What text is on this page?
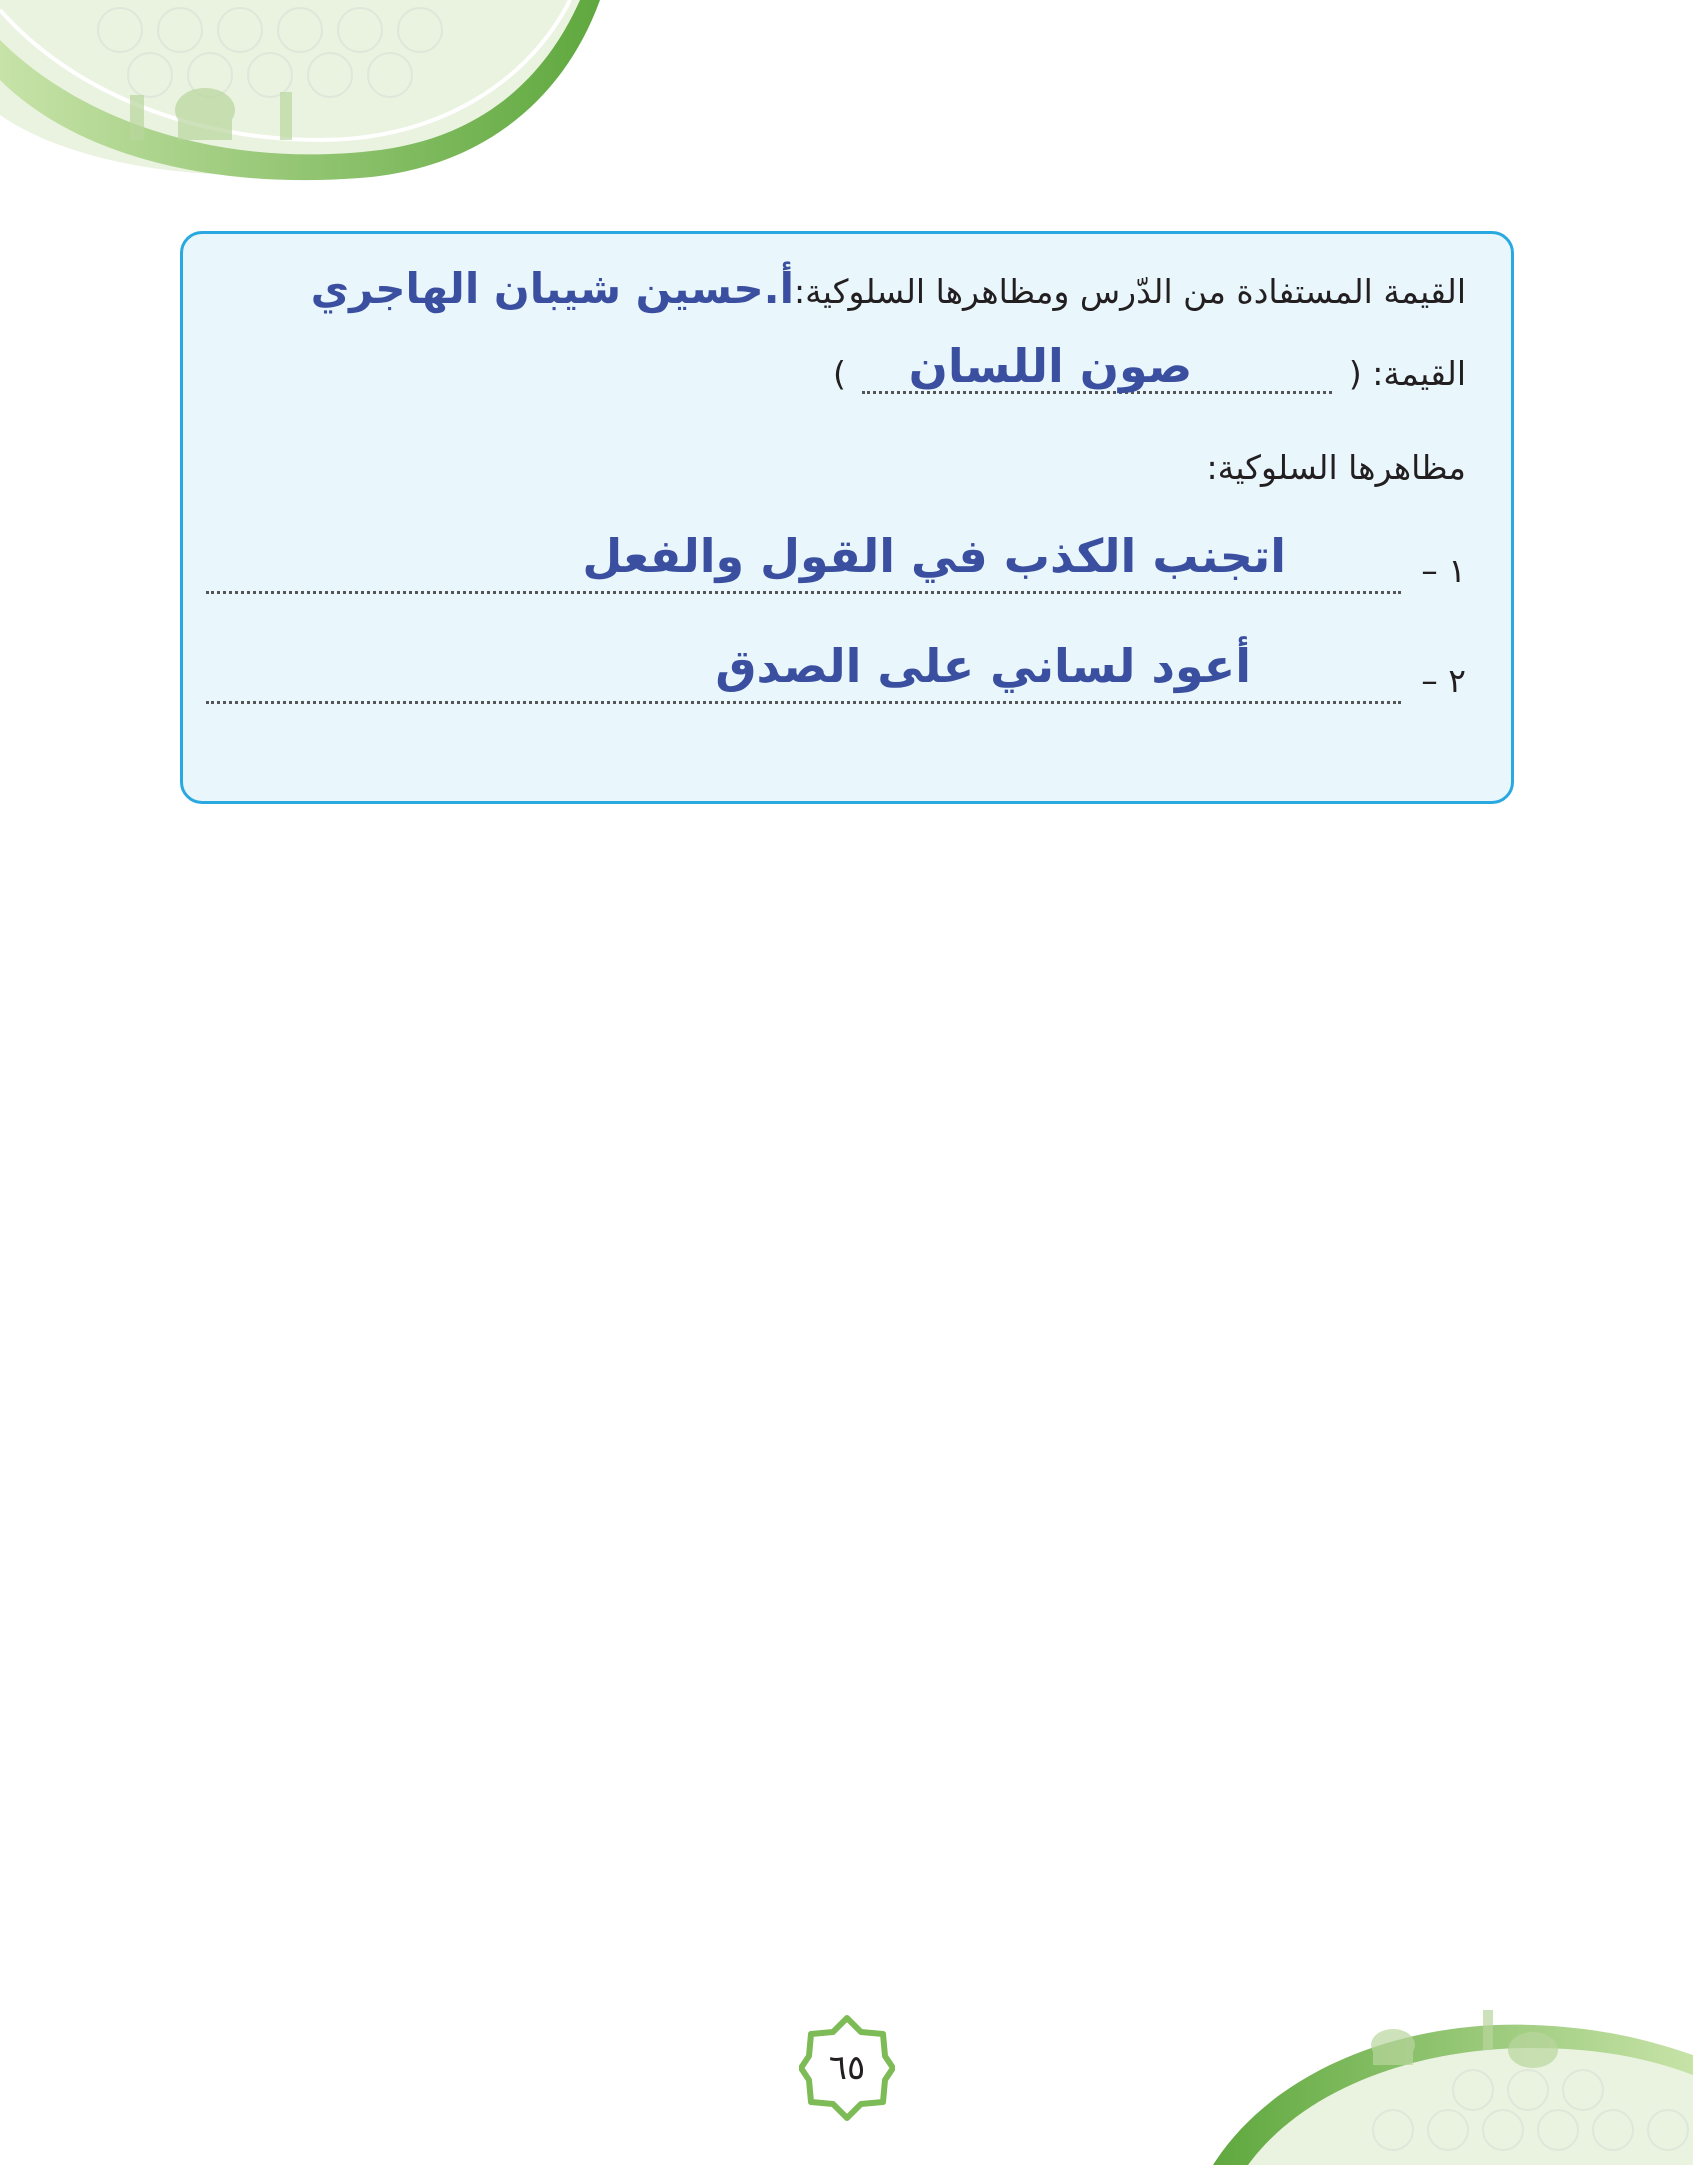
القيمة المستفادة من الدّرس ومظاهرها السلوكية:أ.حسين شيبان الهاجري
القيمة: (
صون اللسان
)
مظاهرها السلوكية:
١ –
اتجنب الكذب في القول والفعل
٢ –
أعود لساني على الصدق
٦٥
